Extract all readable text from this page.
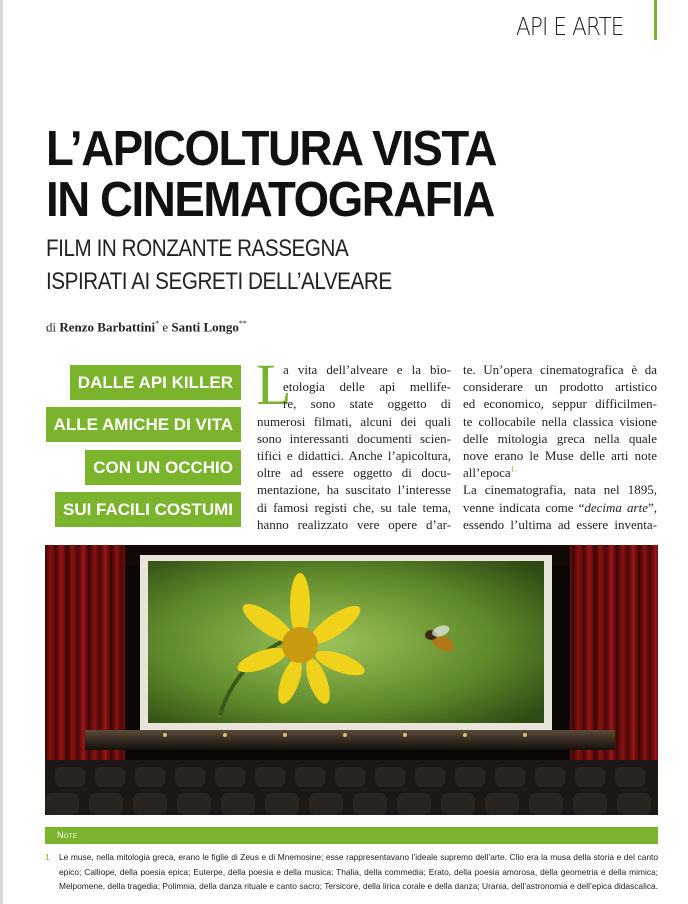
API E ARTE
L’APICOLTURA VISTA
IN CINEMATOGRAFIA
FILM IN RONZANTE RASSEGNA
ISPIRATI AI SEGRETI DELL’ALVEARE
di Renzo Barbattini* e Santi Longo**
DALLE API KILLER
ALLE AMICHE DI VITA
CON UN OCCHIO
SUI FACILI COSTUMI
L
a vita dell’alveare e la bio-
etologia delle api mellife-
re, sono state oggetto di
numerosi filmati, alcuni dei quali
sono interessanti documenti scien-
tifici e didattici. Anche l’apicoltura,
oltre ad essere oggetto di docu-
mentazione, ha suscitato l’interesse
di famosi registi che, su tale tema,
hanno realizzato vere opere d’ar-
te. Un’opera cinematografica è da
considerare un prodotto artistico
ed economico, seppur difficilmen-
te collocabile nella classica visione
delle mitologia greca nella quale
nove erano le Muse delle arti note
all’epoca$^{1.}$
La cinematografia, nata nel 1895,
venne indicata come “decima arte”,
essendo l’ultima ad essere inventa-
Note
1 Le muse, nella mitologia greca, erano le figlie di Zeus e di Mnemosine; esse rappresentavano l’ideale supremo dell’arte. Clio era la musa della storia e del canto epico; Calliope, della poesia epica; Euterpe, della poesia e della musica; Thalia, della commedia; Erato, della poesia amorosa, della geometria e della mimica; Melpomene, della tragedia; Polimnia, della danza rituale e canto sacro; Tersicore, della lirica corale e della danza; Urania, dell’astronomia e dell’epica didascalica.
